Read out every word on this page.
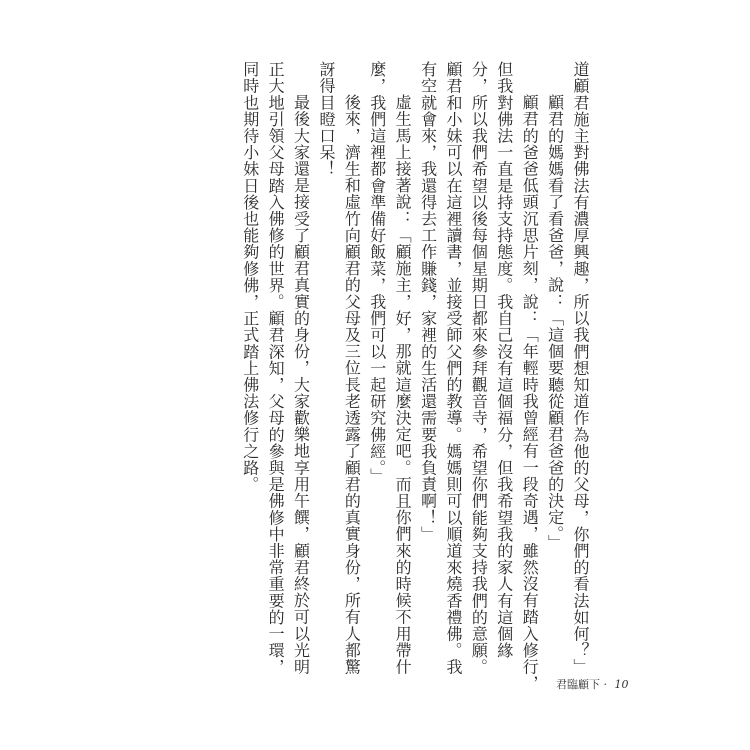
道顧君施主對佛法有濃厚興趣，所以我們想知道作為他的父母，你們的看法如何？」
顧君的媽媽看了看爸爸，說：「這個要聽從顧君爸爸的決定。」
顧君的爸爸低頭沉思片刻，說：「年輕時我曾經有一段奇遇，雖然沒有踏入修行，
但我對佛法一直是持支持態度。我自己沒有這個福分，但我希望我的家人有這個緣
分，所以我們希望以後每個星期日都來參拜觀音寺，希望你們能夠支持我們的意願。
顧君和小妹可以在這裡讀書，並接受師父們的教導。媽媽則可以順道來燒香禮佛。我
有空就會來，我還得去工作賺錢，家裡的生活還需要我負責啊！」
虛生馬上接著說：「顧施主，好，那就這麼決定吧。而且你們來的時候不用帶什
麼，我們這裡都會準備好飯菜，我們可以一起研究佛經。」
後來，濟生和虛竹向顧君的父母及三位長老透露了顧君的真實身份，所有人都驚
訝得目瞪口呆！
最後大家還是接受了顧君真實的身份，大家歡樂地享用午饌，顧君終於可以光明
正大地引領父母踏入佛修的世界。顧君深知，父母的參與是佛修中非常重要的一環，
同時也期待小妹日後也能夠修佛，正式踏上佛法修行之路。
君臨顧下 · 10
